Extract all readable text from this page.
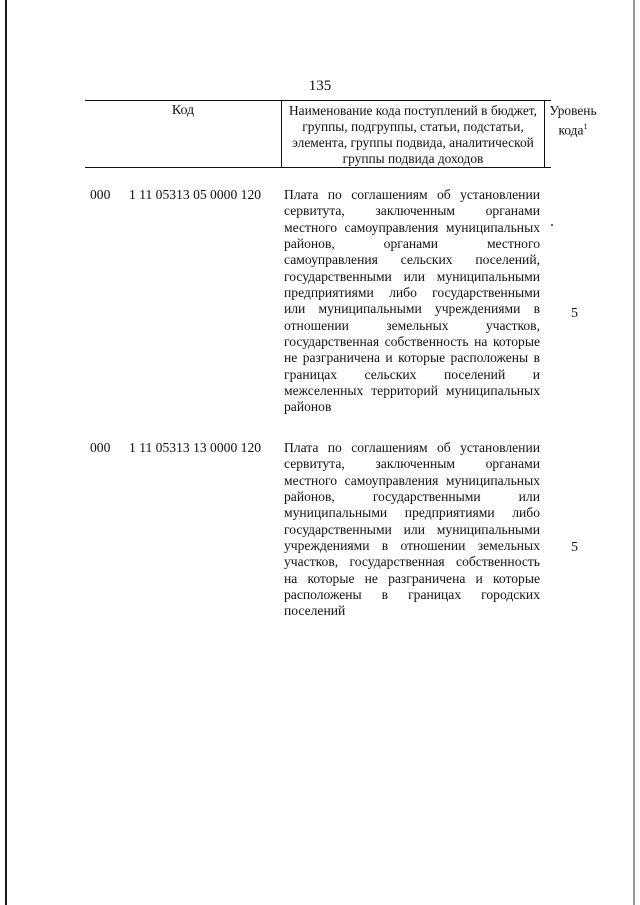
135
Код	Наименование кода поступлений в бюджет, группы, подгруппы, статьи, подстатьи, элемента, группы подвида, аналитической группы подвида доходов
Уровень кода$^1$
000 1 11 05313 05 0000 120 Плата по соглашениям об установлении сервитута, заключенным органами местного самоуправления муниципальных районов, органами местного самоуправления сельских поселений, государственными или муниципальными предприятиями либо государственными или муниципальными учреждениями в отношении земельных участков, государственная собственность на которые не разграничена и которые расположены в границах сельских поселений и межселенных территорий муниципальных районов
5
000 1 11 05313 13 0000 120 Плата по соглашениям об установлении сервитута, заключенным органами местного самоуправления муниципальных районов, государственными или муниципальными предприятиями либо государственными или муниципальными учреждениями в отношении земельных участков, государственная собственность на которые не разграничена и которые расположены в границах городских поселений
5
